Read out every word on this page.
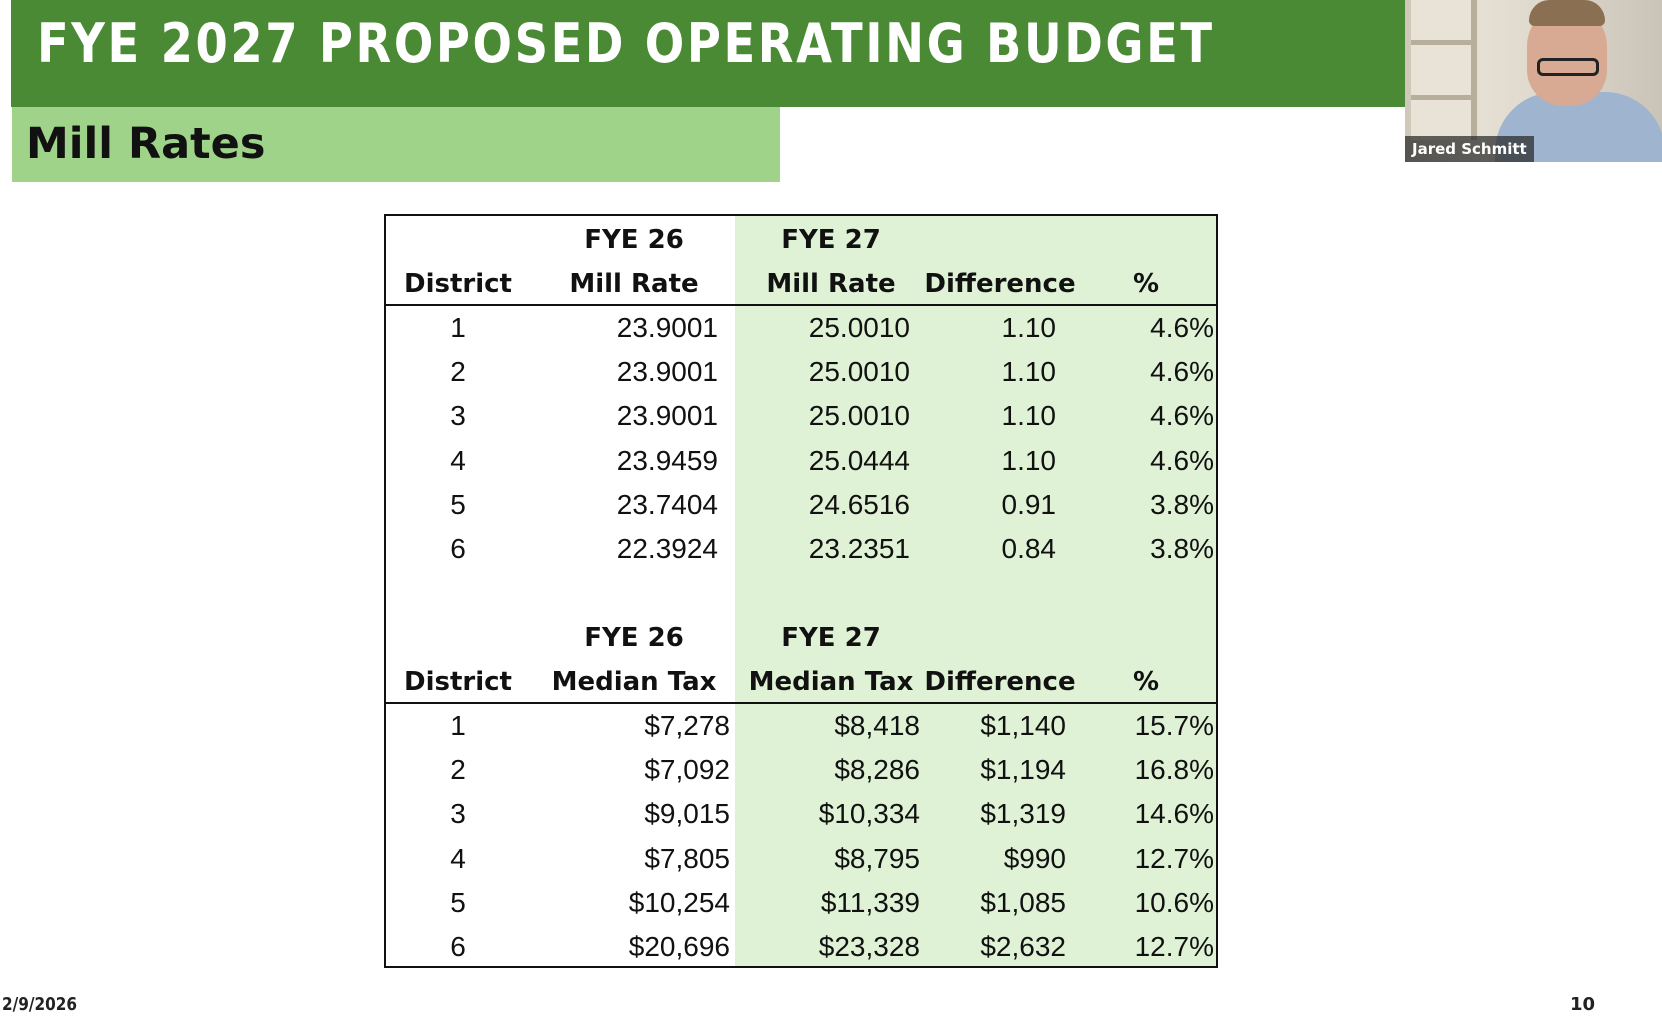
FYE 2027 PROPOSED OPERATING BUDGET
Mill Rates	Jared Schmitt
FYE 26	FYE 27
District Mill Rate	Mill Rate Difference %
1	23.9001	25.0010	1.10	4.6%
2	23.9001	25.0010	1.10	4.6%
3	23.9001	25.0010	1.10	4.6%
4	23.9459	25.0444	1.10	4.6%
5	23.7404	24.6516	0.91	3.8%
6	22.3924	23.2351	0.84	3.8%
FYE 26	FYE 27
District Median Tax Median Tax Difference %
1	$7,278	$8,418 $1,140 15.7%
2	$7,092	$8,286 $1,194 16.8%
3	$9,015	$10,334 $1,319 14.6%
4	$7,805	$8,795	$990 12.7%
5	$10,254	$11,339 $1,085 10.6%
6	$20,696	$23,328 $2,632 12.7%
2/9/2026	10
